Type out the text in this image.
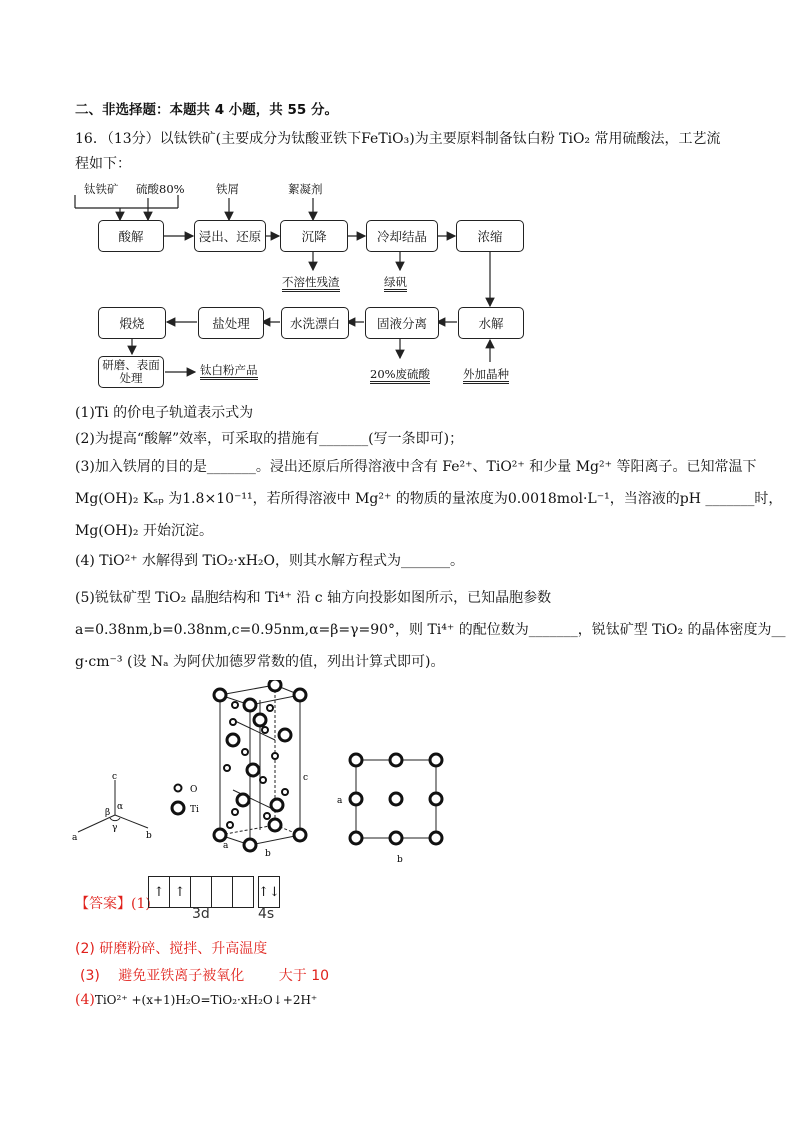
二、非选择题：本题共 4 小题，共 55 分。
16．（13分）以钛铁矿(主要成分为钛酸亚铁下FeTiO₃)为主要原料制备钛白粉 TiO₂ 常用硫酸法，工艺流
程如下：
钛铁矿 硫酸80%	铁屑	絮凝剂
酸解	浸出、还原	沉降	冷却结晶	浓缩
不溶性残渣	绿矾
煅烧	盐处理	水洗漂白	固液分离	水解
研磨、表面处理
钛白粉产品	20%废硫酸	外加晶种
(1)Ti 的价电子轨道表示式为
(2)为提高“酸解”效率，可采取的措施有_______(写一条即可)；
(3)加入铁屑的目的是_______。浸出还原后所得溶液中含有 Fe²⁺、TiO²⁺ 和少量 Mg²⁺ 等阳离子。已知常温下
Mg(OH)₂ Kₛₚ 为1.8×10⁻¹¹，若所得溶液中 Mg²⁺ 的物质的量浓度为0.0018mol·L⁻¹，当溶液的pH _______时，
Mg(OH)₂ 开始沉淀。
(4) TiO²⁺ 水解得到 TiO₂·xH₂O，则其水解方程式为_______。
(5)锐钛矿型 TiO₂ 晶胞结构和 Ti⁴⁺ 沿 c 轴方向投影如图所示，已知晶胞参数
a=0.38nm,b=0.38nm,c=0.95nm,α=β=γ=90°，则 Ti⁴⁺ 的配位数为_______，锐钛矿型 TiO₂ 的晶体密度为__
g·cm⁻³ (设 Nₐ 为阿伏加德罗常数的值，列出计算式即可)。
c
α
β
γ
a	b
O
Ti
c
a
b
a
b
【答案】(1)
↑ ↑	↑↓
3d	4s
(2) 研磨粉碎、搅拌、升高温度
(3) 避免亚铁离子被氧化 大于 10
(4)TiO²⁺ +(x+1)H₂O=TiO₂·xH₂O↓+2H⁺
